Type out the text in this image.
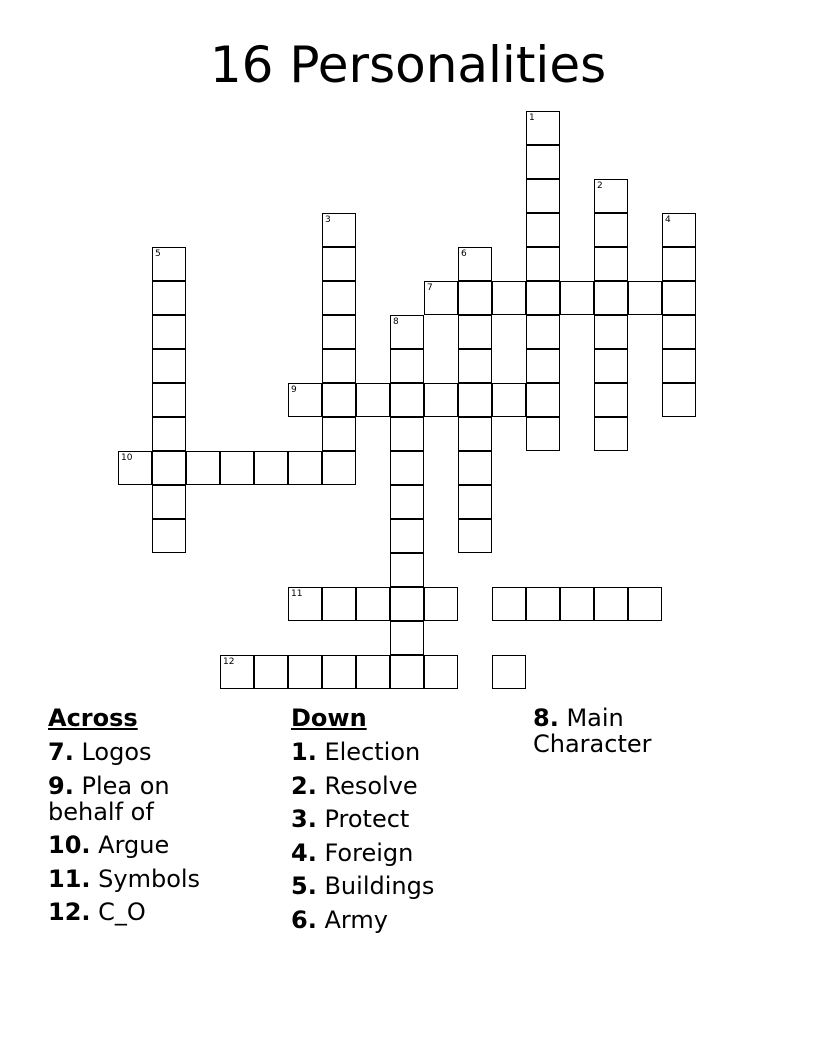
16 Personalities
1
2
3	4
5	6
7
8
9
10
11
12
Across
7. Logos
9. Plea on behalf of
10. Argue
11. Symbols
12. C_O
Down
1. Election
2. Resolve
3. Protect
4. Foreign
5. Buildings
6. Army
8. Main Character
